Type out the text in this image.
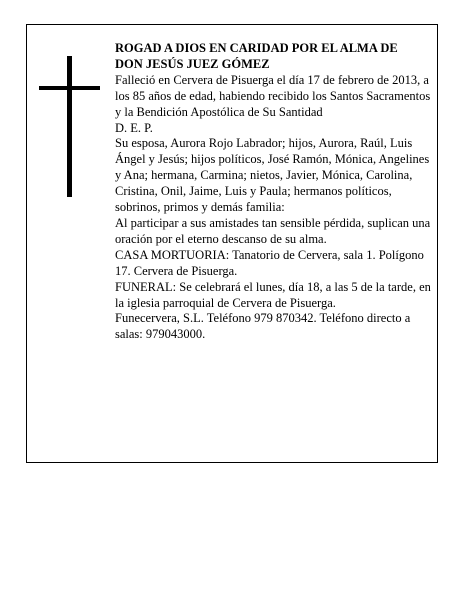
ROGAD A DIOS EN CARIDAD POR EL ALMA DE

DON JESÚS JUEZ GÓMEZ

Falleció en Cervera de Pisuerga el día 17 de febrero de 2013, a los 85 años de edad, habiendo recibido los Santos Sacramentos y la Bendición Apostólica de Su Santidad

D. E. P.

Su esposa, Aurora Rojo Labrador; hijos, Aurora, Raúl, Luis Ángel y Jesús; hijos políticos, José Ramón, Mónica, Angelines y Ana; hermana, Carmina; nietos, Javier, Mónica, Carolina, Cristina, Onil, Jaime, Luis y Paula; hermanos políticos, sobrinos, primos y demás familia:

Al participar a sus amistades tan sensible pérdida, suplican una oración por el eterno descanso de su alma.

CASA MORTUORIA: Tanatorio de Cervera, sala 1. Polígono 17. Cervera de Pisuerga.

FUNERAL: Se celebrará el lunes, día 18, a las 5 de la tarde, en la iglesia parroquial de Cervera de Pisuerga.

Funecervera, S.L. Teléfono 979 870342. Teléfono directo a salas: 979043000.
